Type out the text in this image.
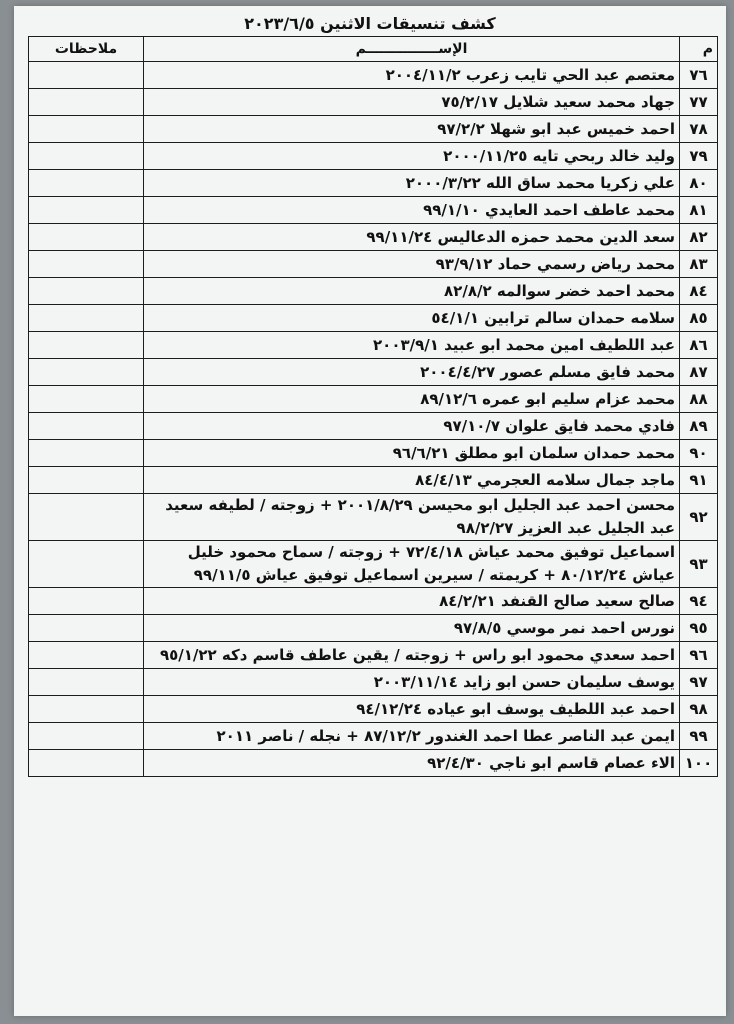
كشف تنسيقات الاثنين ٢٠٢٣/٦/٥
م	الإســـــــــــــــم	ملاحظات
٧٦	معتصم عبد الحي تايب زعرب ٢٠٠٤/١١/٢	

٧٧	جهاد محمد سعيد شلايل ٧٥/٢/١٧	

٧٨	احمد خميس عبد ابو شهلا ٩٧/٢/٢	

٧٩	وليد خالد ربحي تايه ٢٠٠٠/١١/٢٥	

٨٠	علي زكريا محمد ساق الله ٢٠٠٠/٣/٢٢	

٨١	محمد عاطف احمد العايدي ٩٩/١/١٠	

٨٢	سعد الدين محمد حمزه الدعاليس ٩٩/١١/٢٤	

٨٣	محمد رياض رسمي حماد ٩٣/٩/١٢	

٨٤	محمد احمد خضر سوالمه ٨٢/٨/٢	

٨٥	سلامه حمدان سالم ترابين ٥٤/١/١	

٨٦	عبد اللطيف امين محمد ابو عبيد ٢٠٠٣/٩/١	

٨٧	محمد فايق مسلم عصور ٢٠٠٤/٤/٢٧	

٨٨	محمد عزام سليم ابو عمره ٨٩/١٢/٦	

٨٩	فادي محمد فايق علوان ٩٧/١٠/٧	

٩٠	محمد حمدان سلمان ابو مطلق ٩٦/٦/٢١	

٩١	ماجد جمال سلامه العجرمي ٨٤/٤/١٣	

٩٢	محسن احمد عبد الجليل ابو محيسن ٢٠٠١/٨/٢٩ + زوجته / لطيفه سعيد
عبد الجليل عبد العزيز ٩٨/٢/٢٧	

٩٣	اسماعيل توفيق محمد عياش ٧٢/٤/١٨ + زوجته / سماح محمود خليل
عياش ٨٠/١٢/٢٤ + كريمته / سيرين اسماعيل توفيق عياش ٩٩/١١/٥	

٩٤	صالح سعيد صالح القنفد ٨٤/٢/٢١	

٩٥	نورس احمد نمر موسي ٩٧/٨/٥	

٩٦	احمد سعدي محمود ابو راس + زوجته / يقين عاطف قاسم دكه ٩٥/١/٢٢	

٩٧	يوسف سليمان حسن ابو زايد ٢٠٠٣/١١/١٤	

٩٨	احمد عبد اللطيف يوسف ابو عياده ٩٤/١٢/٢٤	

٩٩	ايمن عبد الناصر عطا احمد الغندور ٨٧/١٢/٢ + نجله / ناصر ٢٠١١	

١٠٠	الاء عصام قاسم ابو ناجي ٩٢/٤/٣٠	
